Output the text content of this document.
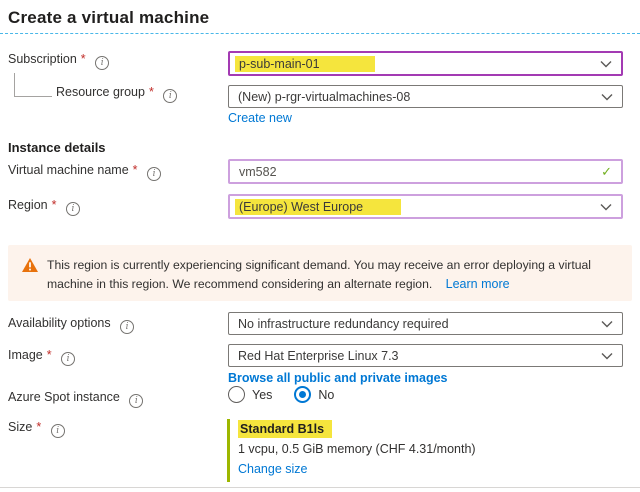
Create a virtual machine
Subscription * i	p-sub-main-01
Resource group * i	(New) p-rgr-virtualmachines-08
Create new
Instance details
Virtual machine name * i	vm582	✓
Region * i	(Europe) West Europe
This region is currently experiencing significant demand. You may receive an error deploying a virtual machine in this region. We recommend considering an alternate region. Learn more
Availability options i	No infrastructure redundancy required
Image * i	Red Hat Enterprise Linux 7.3
Browse all public and private images
Azure Spot instance i	Yes	No
Size * i	Standard B1ls
1 vcpu, 0.5 GiB memory (CHF 4.31/month)
Change size
